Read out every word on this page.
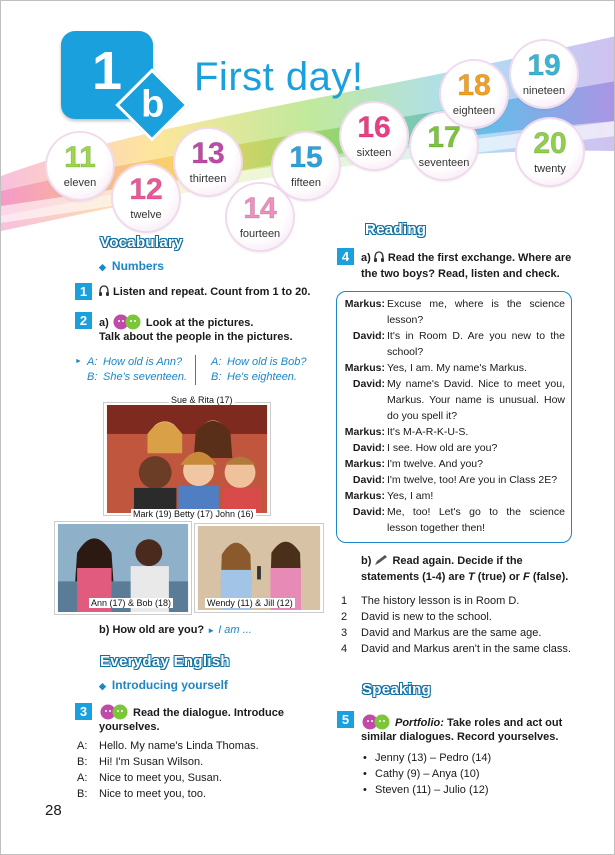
1
b
First day!
11
eleven	12
twelve
13
thirteen
14
fourteen
15
fifteen
16
sixteen	17
seventeen
18
eighteen
19
nineteen
20
twenty
Vocabulary
◆ Numbers
1	Listen and repeat. Count from 1 to 20.
2	a)	Look at the pictures.
Talk about the people in the pictures.
► A: How old is Ann?
B: She's seventeen.
A: How old is Bob?
B: He's eighteen.
Sue & Rita (17)
Mark (19) Betty (17) John (16)
Ann (17) & Bob (18)	Wendy (11) & Jill (12)
b) How old are you? ► I am ...
Everyday English
◆ Introducing yourself
3	Read the dialogue. Introduce
yourselves.
A: Hello. My name's Linda Thomas.
B: Hi! I'm Susan Wilson.
A: Nice to meet you, Susan.
B: Nice to meet you, too.
28
Reading
4	a) Read the first exchange. Where are
the two boys? Read, listen and check.
Markus: Excuse me, where is the science lesson?
David: It's in Room D. Are you new to the school?
Markus: Yes, I am. My name's Markus.
David: My name's David. Nice to meet you, Markus. Your name is unusual. How do you spell it?
Markus: It's M-A-R-K-U-S.
David: I see. How old are you?
Markus: I'm twelve. And you?
David: I'm twelve, too! Are you in Class 2E?
Markus: Yes, I am!
David: Me, too! Let's go to the science lesson together then!
b) Read again. Decide if the
statements (1-4) are T (true) or F (false).
1 The history lesson is in Room D.
2 David is new to the school.
3 David and Markus are the same age.
4 David and Markus aren't in the same class.
Speaking
5	Portfolio: Take roles and act out
similar dialogues. Record yourselves.
• Jenny (13) – Pedro (14)
• Cathy (9) – Anya (10)
• Steven (11) – Julio (12)
